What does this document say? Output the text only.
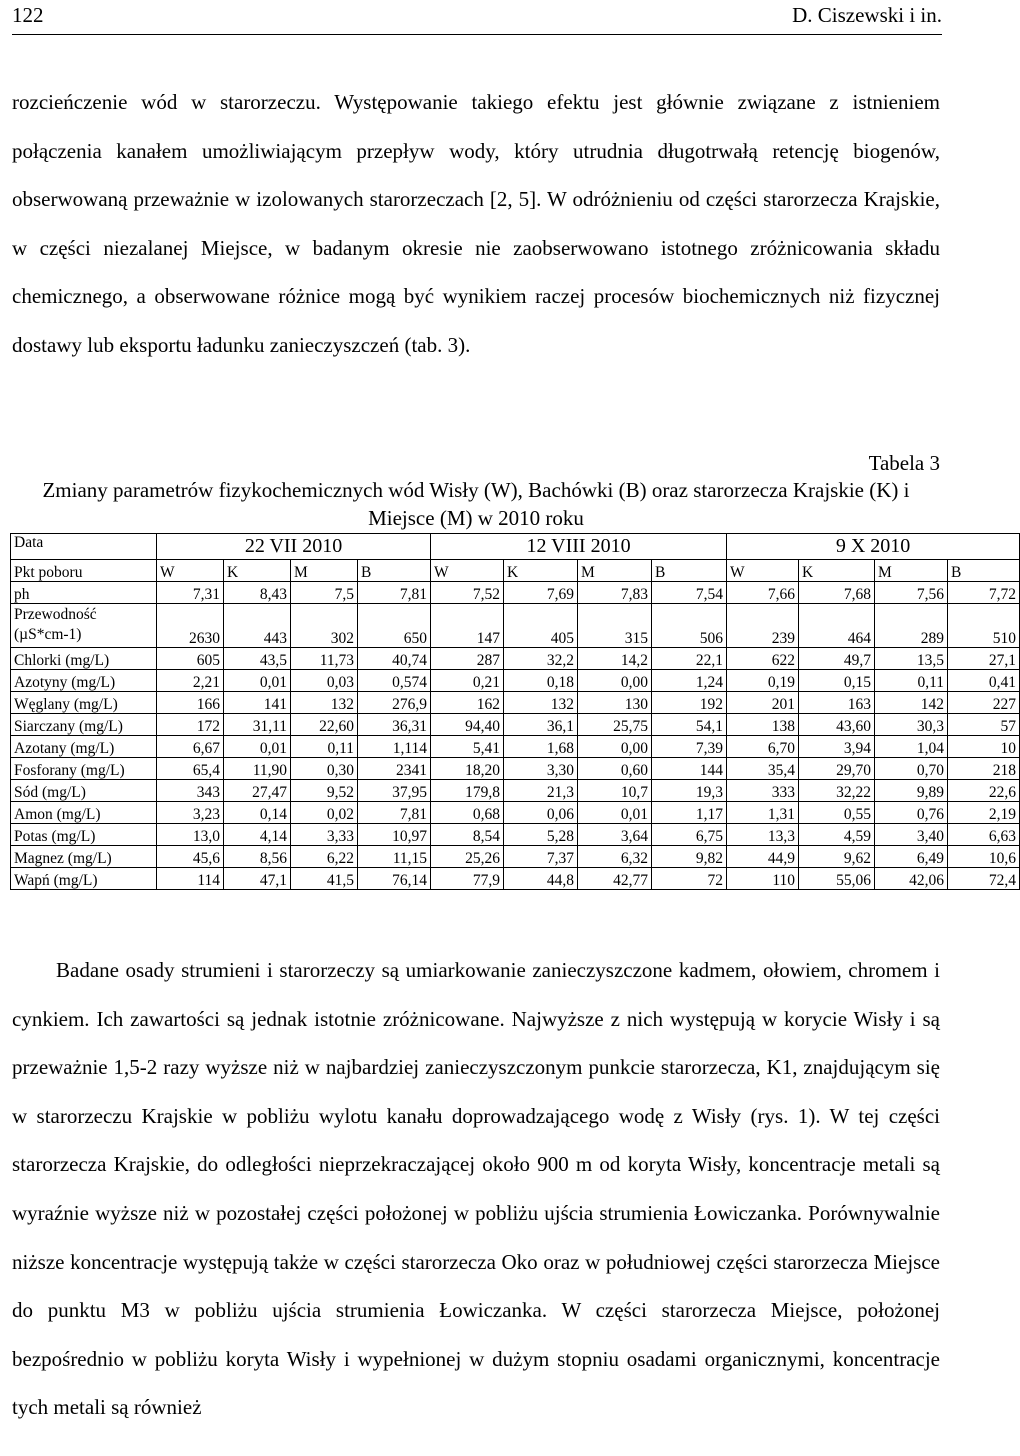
122	D. Ciszewski i in.

rozcieńczenie wód w starorzeczu. Występowanie takiego efektu jest głównie związane z istnieniem połączenia kanałem umożliwiającym przepływ wody, który utrudnia długotrwałą retencję biogenów, obserwowaną przeważnie w izolowanych starorzeczach [2, 5]. W odróżnieniu od części starorzecza Krajskie, w części niezalanej Miejsce, w badanym okresie nie zaobserwowano istotnego zróżnicowania składu chemicznego, a obserwowane różnice mogą być wynikiem raczej procesów biochemicznych niż fizycznej dostawy lub eksportu ładunku zanieczyszczeń (tab. 3).

Tabela 3
Zmiany parametrów fizykochemicznych wód Wisły (W), Bachówki (B) oraz starorzecza Krajskie (K) i Miejsce (M) w 2010 roku
Data	22 VII 2010				12 VIII 2010				9 X 2010			
Pkt poboru	W	K	M	B	W	K	M	B	W	K	M	B
ph	7,31	8,43	7,5	7,81	7,52	7,69	7,83	7,54	7,66	7,68	7,56	7,72
Przewodność (µS*cm-1)	2630	443	302	650	147	405	315	506	239	464	289	510
Chlorki (mg/L)	605	43,5	11,73	40,74	287	32,2	14,2	22,1	622	49,7	13,5	27,1
Azotyny (mg/L)	2,21	0,01	0,03	0,574	0,21	0,18	0,00	1,24	0,19	0,15	0,11	0,41
Węglany (mg/L)	166	141	132	276,9	162	132	130	192	201	163	142	227
Siarczany (mg/L)	172	31,11	22,60	36,31	94,40	36,1	25,75	54,1	138	43,60	30,3	57
Azotany (mg/L)	6,67	0,01	0,11	1,114	5,41	1,68	0,00	7,39	6,70	3,94	1,04	10
Fosforany (mg/L)	65,4	11,90	0,30	2341	18,20	3,30	0,60	144	35,4	29,70	0,70	218
Sód (mg/L)	343	27,47	9,52	37,95	179,8	21,3	10,7	19,3	333	32,22	9,89	22,6
Amon (mg/L)	3,23	0,14	0,02	7,81	0,68	0,06	0,01	1,17	1,31	0,55	0,76	2,19
Potas (mg/L)	13,0	4,14	3,33	10,97	8,54	5,28	3,64	6,75	13,3	4,59	3,40	6,63
Magnez (mg/L)	45,6	8,56	6,22	11,15	25,26	7,37	6,32	9,82	44,9	9,62	6,49	10,6
Wapń (mg/L)	114	47,1	41,5	76,14	77,9	44,8	42,77	72	110	55,06	42,06	72,4

Badane osady strumieni i starorzeczy są umiarkowanie zanieczyszczone kadmem, ołowiem, chromem i cynkiem. Ich zawartości są jednak istotnie zróżnicowane. Najwyższe z nich występują w korycie Wisły i są przeważnie 1,5-2 razy wyższe niż w najbardziej zanieczyszczonym punkcie starorzecza, K1, znajdującym się w starorzeczu Krajskie w pobliżu wylotu kanału doprowadzającego wodę z Wisły (rys. 1). W tej części starorzecza Krajskie, do odległości nieprzekraczającej około 900 m od koryta Wisły, koncentracje metali są wyraźnie wyższe niż w pozostałej części położonej w pobliżu ujścia strumienia Łowiczanka. Porównywalnie niższe koncentracje występują także w części starorzecza Oko oraz w południowej części starorzecza Miejsce do punktu M3 w pobliżu ujścia strumienia Łowiczanka. W części starorzecza Miejsce, położonej bezpośrednio w pobliżu koryta Wisły i wypełnionej w dużym stopniu osadami organicznymi, koncentracje tych metali są również
